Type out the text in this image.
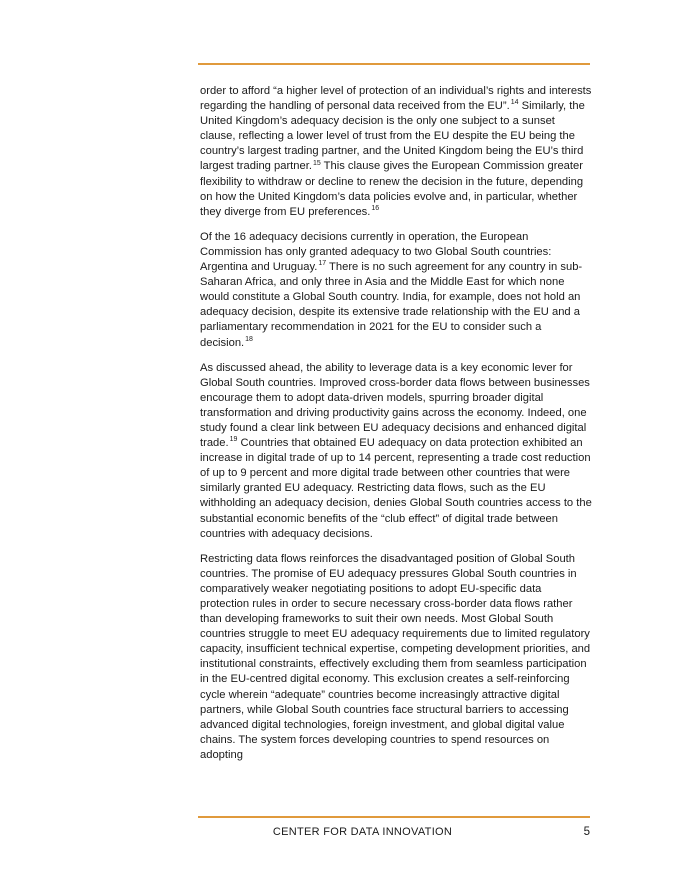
order to afford “a higher level of protection of an individual’s rights and interests regarding the handling of personal data received from the EU”.$^{14}$ Similarly, the United Kingdom’s adequacy decision is the only one subject to a sunset clause, reflecting a lower level of trust from the EU despite the EU being the country’s largest trading partner, and the United Kingdom being the EU’s third largest trading partner.$^{15}$ This clause gives the European Commission greater flexibility to withdraw or decline to renew the decision in the future, depending on how the United Kingdom’s data policies evolve and, in particular, whether they diverge from EU preferences.$^{16}$

Of the 16 adequacy decisions currently in operation, the European Commission has only granted adequacy to two Global South countries: Argentina and Uruguay.$^{17}$ There is no such agreement for any country in sub-Saharan Africa, and only three in Asia and the Middle East for which none would constitute a Global South country. India, for example, does not hold an adequacy decision, despite its extensive trade relationship with the EU and a parliamentary recommendation in 2021 for the EU to consider such a decision.$^{18}$

As discussed ahead, the ability to leverage data is a key economic lever for Global South countries. Improved cross-border data flows between businesses encourage them to adopt data-driven models, spurring broader digital transformation and driving productivity gains across the economy. Indeed, one study found a clear link between EU adequacy decisions and enhanced digital trade.$^{19}$ Countries that obtained EU adequacy on data protection exhibited an increase in digital trade of up to 14 percent, representing a trade cost reduction of up to 9 percent and more digital trade between other countries that were similarly granted EU adequacy. Restricting data flows, such as the EU withholding an adequacy decision, denies Global South countries access to the substantial economic benefits of the “club effect” of digital trade between countries with adequacy decisions.

Restricting data flows reinforces the disadvantaged position of Global South countries. The promise of EU adequacy pressures Global South countries in comparatively weaker negotiating positions to adopt EU-specific data protection rules in order to secure necessary cross-border data flows rather than developing frameworks to suit their own needs. Most Global South countries struggle to meet EU adequacy requirements due to limited regulatory capacity, insufficient technical expertise, competing development priorities, and institutional constraints, effectively excluding them from seamless participation in the EU-centred digital economy. This exclusion creates a self-reinforcing cycle wherein “adequate” countries become increasingly attractive digital partners, while Global South countries face structural barriers to accessing advanced digital technologies, foreign investment, and global digital value chains. The system forces developing countries to spend resources on adopting

CENTER FOR DATA INNOVATION	5
